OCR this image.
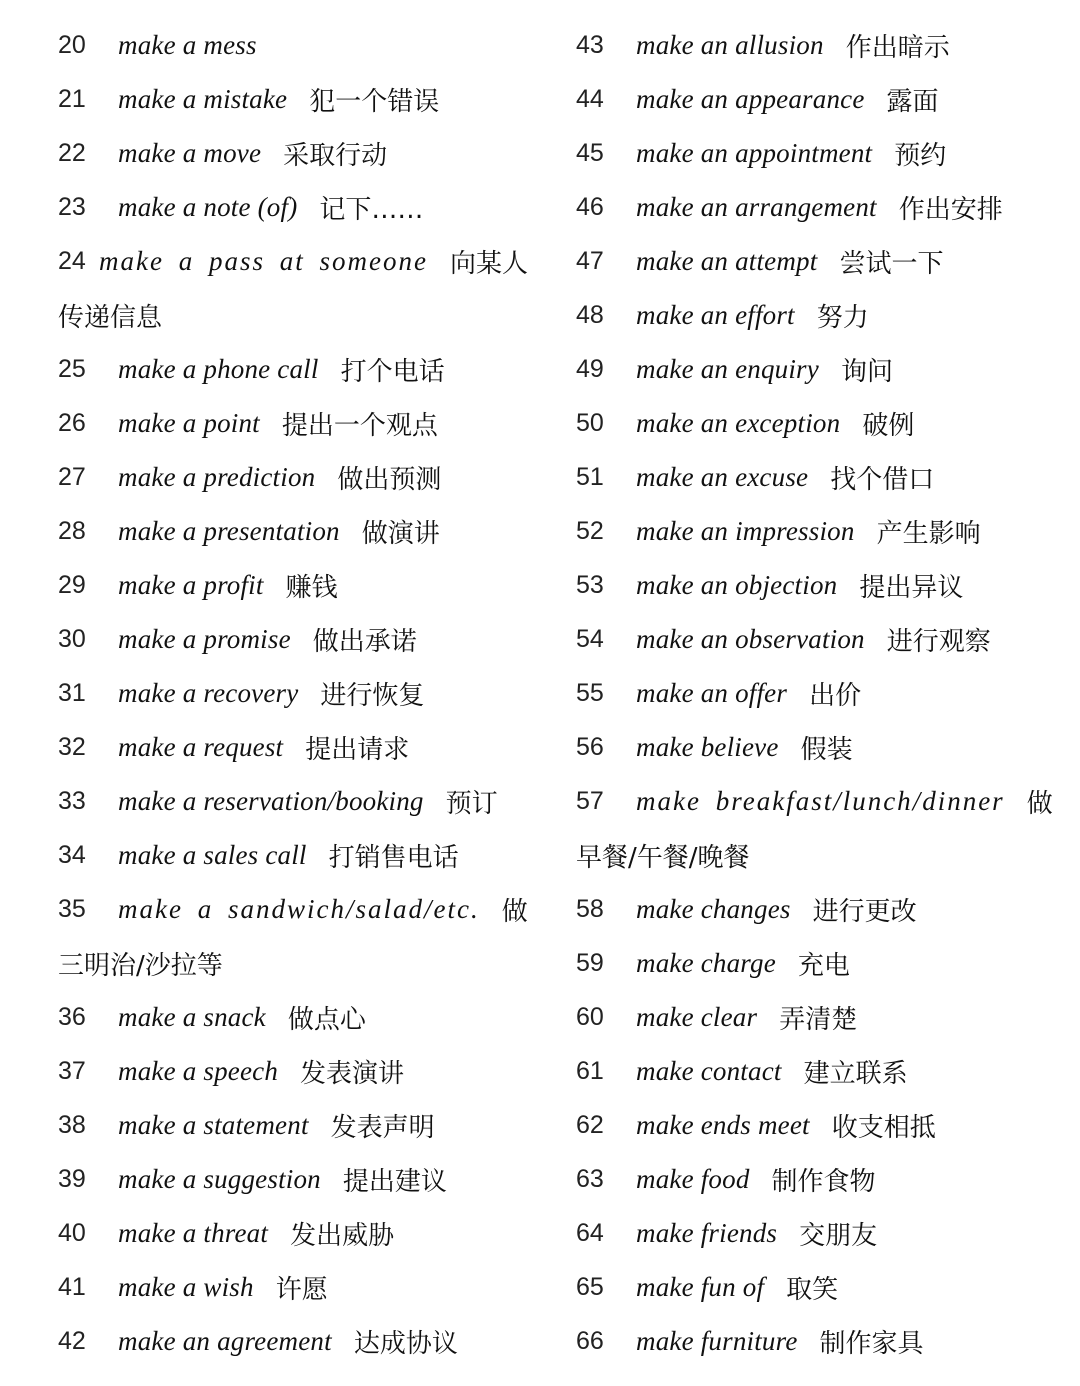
20	make a mess
21	make a mistake 犯一个错误
22	make a move 采取行动
23	make a note (of) 记下……
24 make a pass at someone 向某人
传递信息
25	make a phone call 打个电话
26	make a point 提出一个观点
27	make a prediction 做出预测
28	make a presentation 做演讲
29	make a profit 赚钱
30	make a promise 做出承诺
31	make a recovery 进行恢复
32	make a request 提出请求
33	make a reservation/booking 预订
34	make a sales call 打销售电话
35	make a sandwich/salad/etc. 做
三明治/沙拉等
36	make a snack 做点心
37	make a speech 发表演讲
38	make a statement 发表声明
39	make a suggestion 提出建议
40	make a threat 发出威胁
41	make a wish 许愿
42	make an agreement 达成协议
43	make an allusion 作出暗示
44	make an appearance 露面
45	make an appointment 预约
46	make an arrangement 作出安排
47	make an attempt 尝试一下
48	make an effort 努力
49	make an enquiry 询问
50	make an exception 破例
51	make an excuse 找个借口
52	make an impression 产生影响
53	make an objection 提出异议
54	make an observation 进行观察
55	make an offer 出价
56	make believe 假装
57	make breakfast/lunch/dinner 做
早餐/午餐/晚餐
58	make changes 进行更改
59	make charge 充电
60	make clear 弄清楚
61	make contact 建立联系
62	make ends meet 收支相抵
63	make food 制作食物
64	make friends 交朋友
65	make fun of 取笑
66	make furniture 制作家具
